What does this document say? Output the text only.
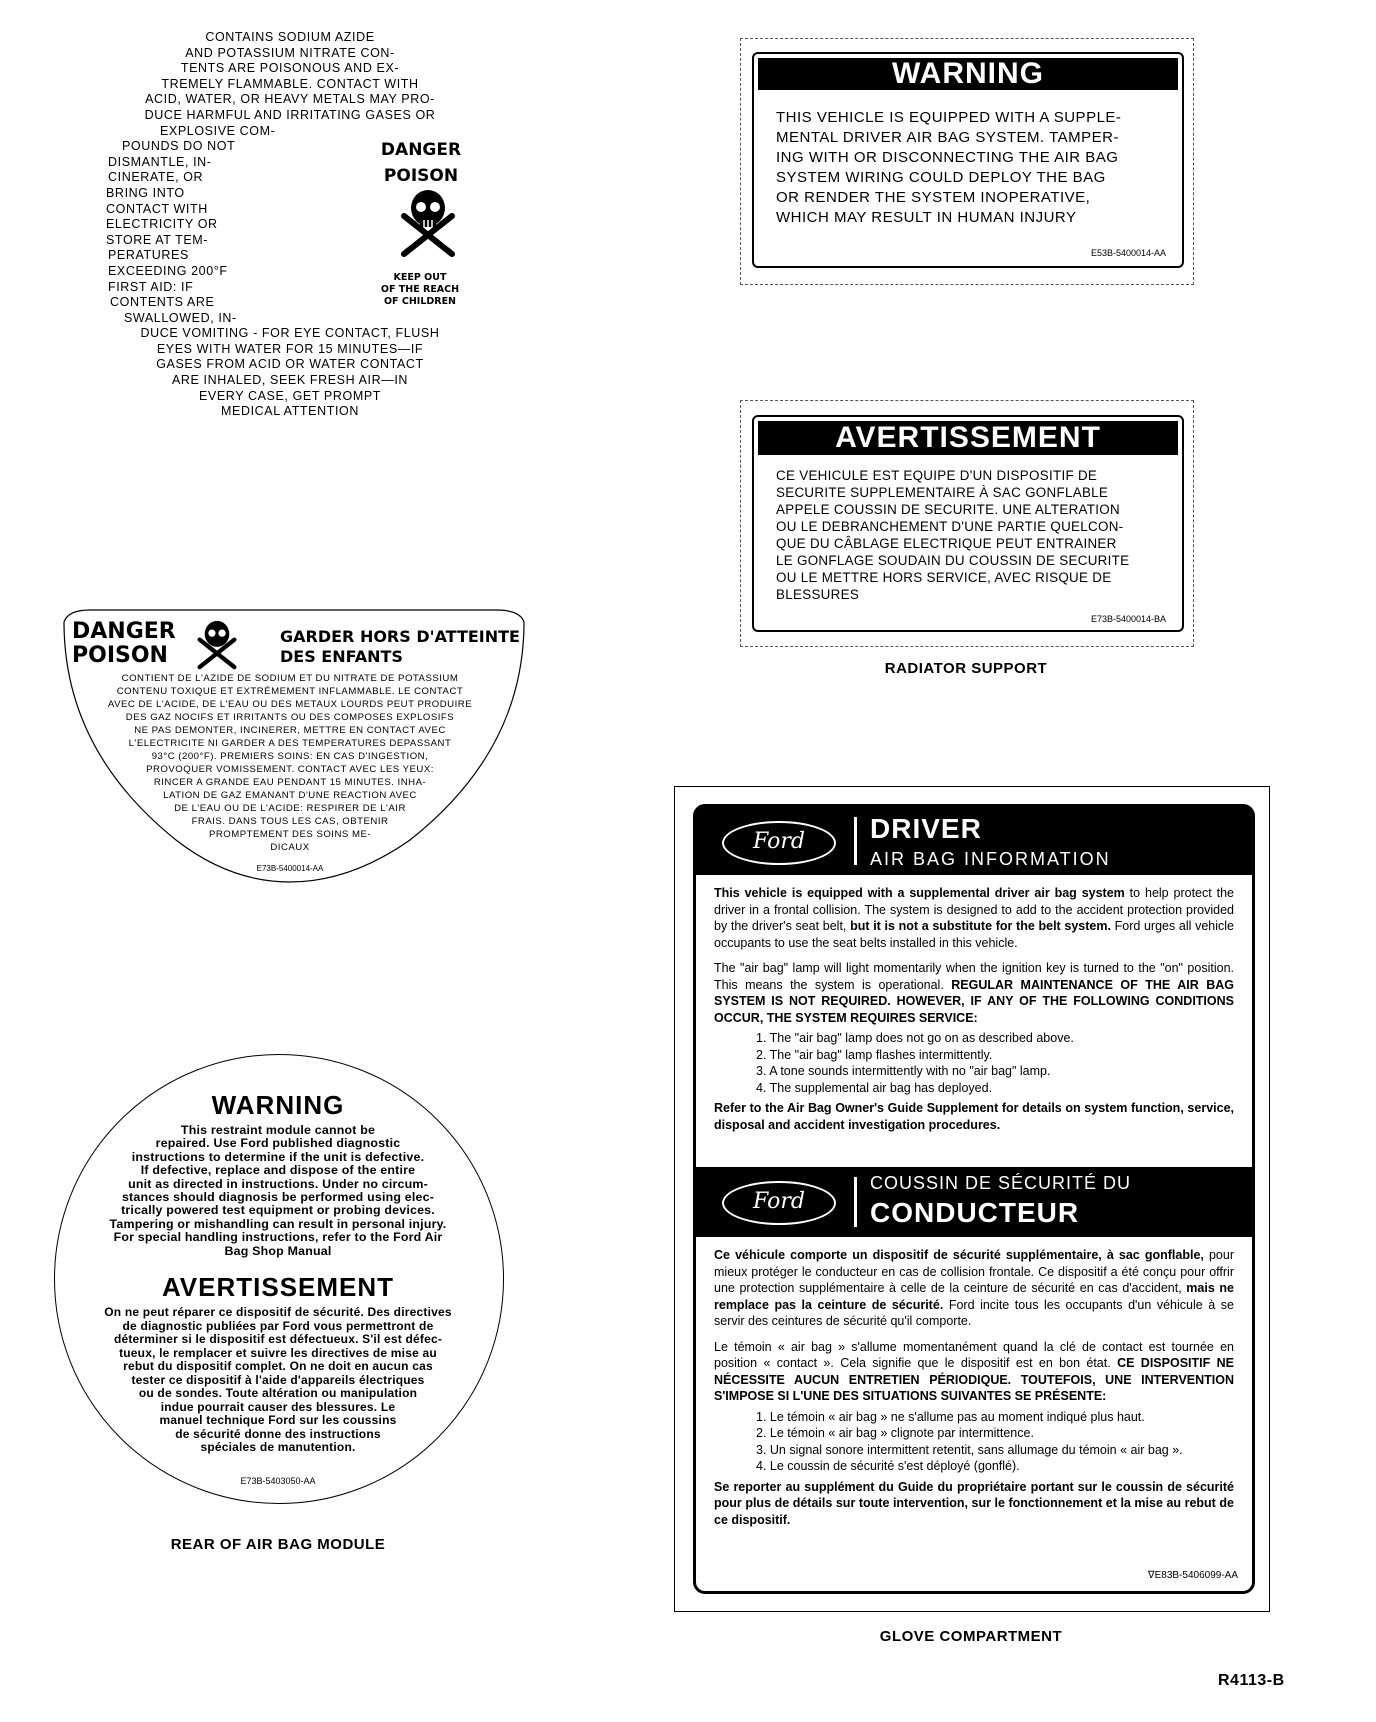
CONTAINS SODIUM AZIDE
AND POTASSIUM NITRATE CON-
TENTS ARE POISONOUS AND EX-
TREMELY FLAMMABLE. CONTACT WITH
ACID, WATER, OR HEAVY METALS MAY PRO-
DUCE HARMFUL AND IRRITATING GASES OR
EXPLOSIVE COM-
POUNDS DO NOT
DISMANTLE, IN-
CINERATE, OR
BRING INTO
CONTACT WITH
ELECTRICITY OR
STORE AT TEM-
PERATURES
EXCEEDING 200°F
FIRST AID: IF
CONTENTS ARE
SWALLOWED, IN-
DUCE VOMITING - FOR EYE CONTACT, FLUSH
EYES WITH WATER FOR 15 MINUTES—IF
GASES FROM ACID OR WATER CONTACT
ARE INHALED, SEEK FRESH AIR—IN
EVERY CASE, GET PROMPT
MEDICAL ATTENTION
DANGER
POISON
KEEP OUT
OF THE REACH
OF CHILDREN
WARNING
THIS VEHICLE IS EQUIPPED WITH A SUPPLE-
MENTAL DRIVER AIR BAG SYSTEM. TAMPER-
ING WITH OR DISCONNECTING THE AIR BAG
SYSTEM WIRING COULD DEPLOY THE BAG
OR RENDER THE SYSTEM INOPERATIVE,
WHICH MAY RESULT IN HUMAN INJURY
E53B-5400014-AA
AVERTISSEMENT
CE VEHICULE EST EQUIPE D'UN DISPOSITIF DE
SECURITE SUPPLEMENTAIRE À SAC GONFLABLE
APPELE COUSSIN DE SECURITE. UNE ALTERATION
OU LE DEBRANCHEMENT D'UNE PARTIE QUELCON-
QUE DU CÂBLAGE ELECTRIQUE PEUT ENTRAINER
LE GONFLAGE SOUDAIN DU COUSSIN DE SECURITE
OU LE METTRE HORS SERVICE, AVEC RISQUE DE
BLESSURES
E73B-5400014-BA
RADIATOR SUPPORT
DANGER
POISON
GARDER HORS D'ATTEINTE
DES ENFANTS
CONTIENT DE L'AZIDE DE SODIUM ET DU NITRATE DE POTASSIUM
CONTENU TOXIQUE ET EXTRÉMEMENT INFLAMMABLE. LE CONTACT
AVEC DE L'ACIDE, DE L'EAU OU DES METAUX LOURDS PEUT PRODUIRE
DES GAZ NOCIFS ET IRRITANTS OU DES COMPOSES EXPLOSIFS
NE PAS DEMONTER, INCINERER, METTRE EN CONTACT AVEC
L'ELECTRICITE NI GARDER A DES TEMPERATURES DEPASSANT
93°C (200°F). PREMIERS SOINS: EN CAS D'INGESTION,
PROVOQUER VOMISSEMENT. CONTACT AVEC LES YEUX:
RINCER A GRANDE EAU PENDANT 15 MINUTES. INHA-
LATION DE GAZ EMANANT D'UNE REACTION AVEC
DE L'EAU OU DE L'ACIDE: RESPIRER DE L'AIR
FRAIS. DANS TOUS LES CAS, OBTENIR
PROMPTEMENT DES SOINS ME-
DICAUX
E73B-5400014-AA
WARNING
This restraint module cannot be
repaired. Use Ford published diagnostic
instructions to determine if the unit is defective.
If defective, replace and dispose of the entire
unit as directed in instructions. Under no circum-
stances should diagnosis be performed using elec-
trically powered test equipment or probing devices.
Tampering or mishandling can result in personal injury.
For special handling instructions, refer to the Ford Air
Bag Shop Manual
AVERTISSEMENT
On ne peut réparer ce dispositif de sécurité. Des directives
de diagnostic publiées par Ford vous permettront de
déterminer si le dispositif est défectueux. S'il est défec-
tueux, le remplacer et suivre les directives de mise au
rebut du dispositif complet. On ne doit en aucun cas
tester ce dispositif à l'aide d'appareils électriques
ou de sondes. Toute altération ou manipulation
indue pourrait causer des blessures. Le
manuel technique Ford sur les coussins
de sécurité donne des instructions
spéciales de manutention.
E73B-5403050-AA
REAR OF AIR BAG MODULE
Ford	DRIVER
AIR BAG INFORMATION

This vehicle is equipped with a supplemental driver air bag system to help protect the driver in a frontal collision. The system is designed to add to the accident protection provided by the driver's seat belt, but it is not a substitute for the belt system. Ford urges all vehicle occupants to use the seat belts installed in this vehicle.

The "air bag" lamp will light momentarily when the ignition key is turned to the "on" position. This means the system is operational. REGULAR MAINTENANCE OF THE AIR BAG SYSTEM IS NOT REQUIRED. HOWEVER, IF ANY OF THE FOLLOWING CONDITIONS OCCUR, THE SYSTEM REQUIRES SERVICE:

1. The "air bag" lamp does not go on as described above.
2. The "air bag" lamp flashes intermittently.
3. A tone sounds intermittently with no "air bag" lamp.
4. The supplemental air bag has deployed.

Refer to the Air Bag Owner's Guide Supplement for details on system function, service, disposal and accident investigation procedures.

Ford
COUSSIN DE SÉCURITÉ DU
CONDUCTEUR

Ce véhicule comporte un dispositif de sécurité supplémentaire, à sac gonflable, pour mieux protéger le conducteur en cas de collision frontale. Ce dispositif a été conçu pour offrir une protection supplémentaire à celle de la ceinture de sécurité en cas d'accident, mais ne remplace pas la ceinture de sécurité. Ford incite tous les occupants d'un véhicule à se servir des ceintures de sécurité qu'il comporte.

Le témoin « air bag » s'allume momentanément quand la clé de contact est tournée en position « contact ». Cela signifie que le dispositif est en bon état. CE DISPOSITIF NE NÉCESSITE AUCUN ENTRETIEN PÉRIODIQUE. TOUTEFOIS, UNE INTERVENTION S'IMPOSE SI L'UNE DES SITUATIONS SUIVANTES SE PRÉSENTE:

1. Le témoin « air bag » ne s'allume pas au moment indiqué plus haut.
2. Le témoin « air bag » clignote par intermittence.
3. Un signal sonore intermittent retentit, sans allumage du témoin « air bag ».
4. Le coussin de sécurité s'est déployé (gonflé).

Se reporter au supplément du Guide du propriétaire portant sur le coussin de sécurité pour plus de détails sur toute intervention, sur le fonctionnement et la mise au rebut de ce dispositif.

∇E83B-5406099-AA
GLOVE COMPARTMENT
R4113-B
